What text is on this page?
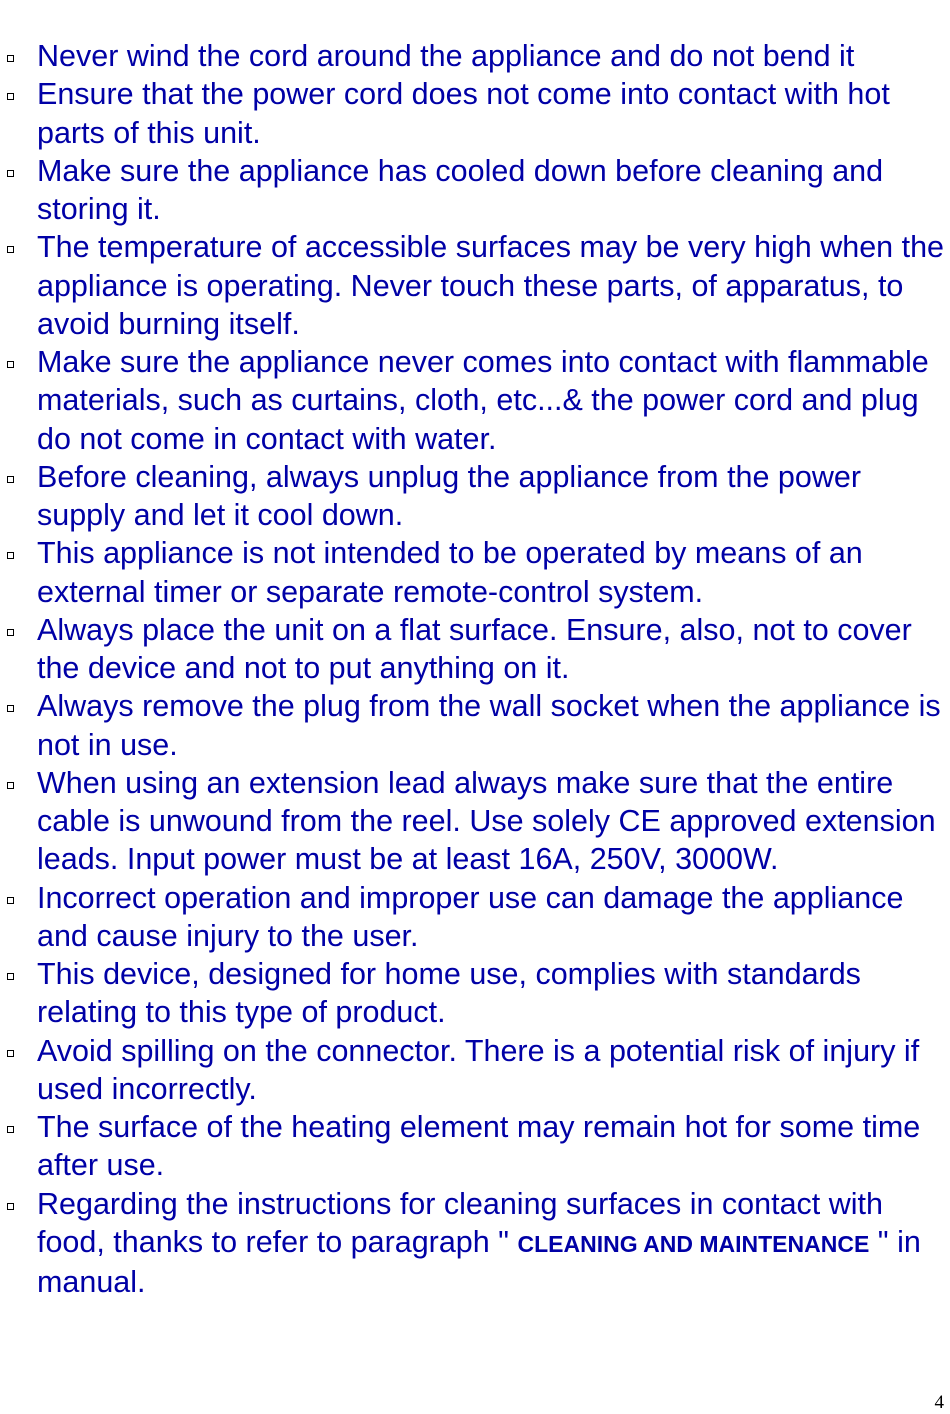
Never wind the cord around the appliance and do not bend it
Ensure that the power cord does not come into contact with hot parts of this unit.
Make sure the appliance has cooled down before cleaning and storing it.
The temperature of accessible surfaces may be very high when the appliance is operating. Never touch these parts, of apparatus, to avoid burning itself.
Make sure the appliance never comes into contact with flammable materials, such as curtains, cloth, etc...& the power cord and plug do not come in contact with water.
Before cleaning, always unplug the appliance from the power supply and let it cool down.
This appliance is not intended to be operated by means of an external timer or separate remote-control system.
Always place the unit on a flat surface. Ensure, also, not to cover the device and not to put anything on it.
Always remove the plug from the wall socket when the appliance is not in use.
When using an extension lead always make sure that the entire cable is unwound from the reel. Use solely CE approved extension leads. Input power must be at least 16A, 250V, 3000W.
Incorrect operation and improper use can damage the appliance and cause injury to the user.
This device, designed for home use, complies with standards relating to this type of product.
Avoid spilling on the connector. There is a potential risk of injury if used incorrectly.
The surface of the heating element may remain hot for some time after use.
Regarding the instructions for cleaning surfaces in contact with food, thanks to refer to paragraph " CLEANING AND MAINTENANCE " in manual.
4
